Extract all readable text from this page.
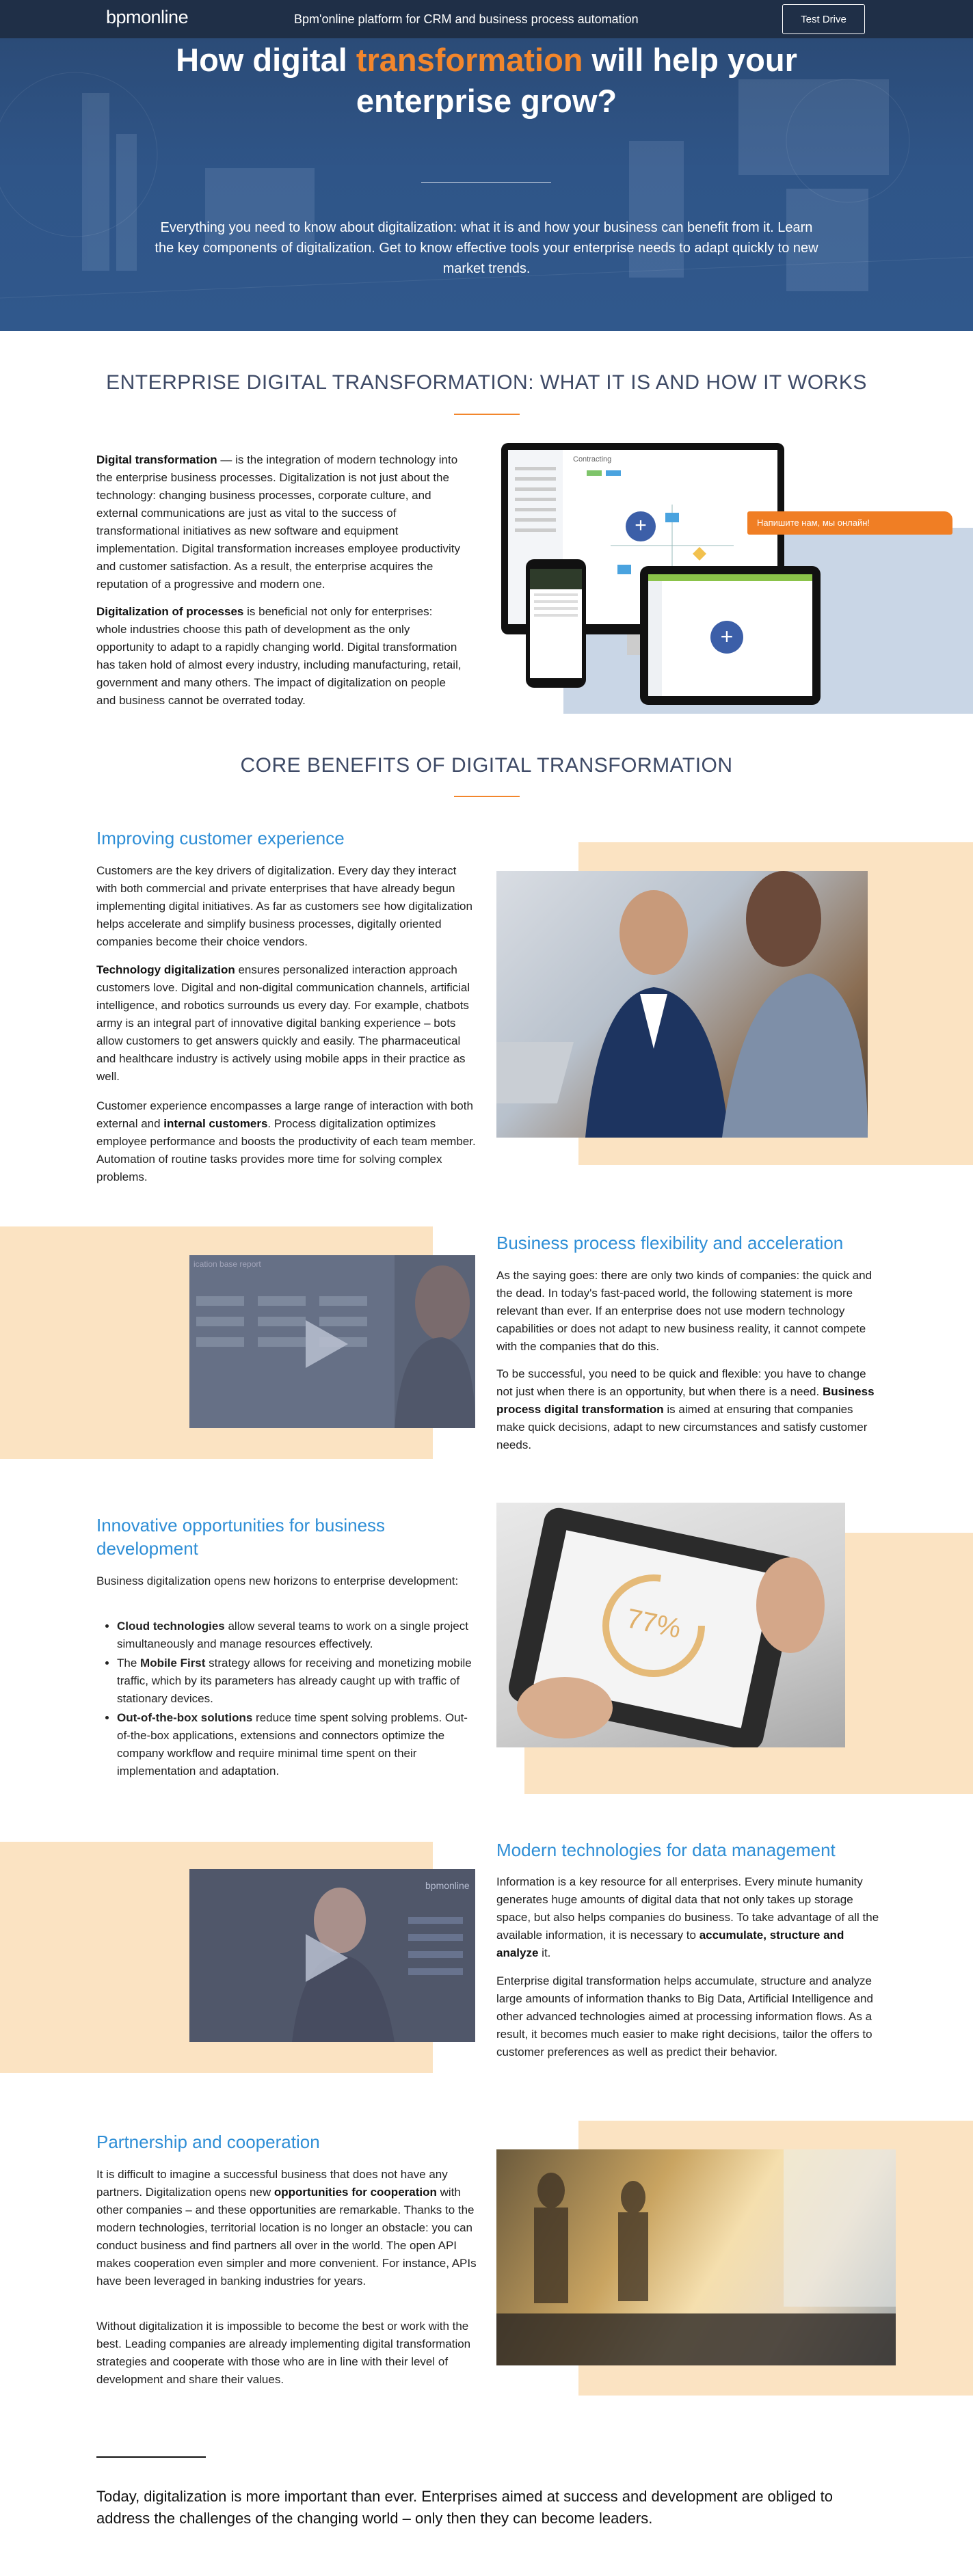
bpmonline	Bpm'online platform for CRM and business process automation	Test Drive
How digital transformation will help your enterprise grow?
Everything you need to know about digitalization: what it is and how your business can benefit from it. Learn the key components of digitalization. Get to know effective tools your enterprise needs to adapt quickly to new market trends.
ENTERPRISE DIGITAL TRANSFORMATION: WHAT IT IS AND HOW IT WORKS

Digital transformation — is the integration of modern technology into the enterprise business processes. Digitalization is not just about the technology: changing business processes, corporate culture, and external communications are just as vital to the success of transformational initiatives as new software and equipment implementation. Digital transformation increases employee productivity and customer satisfaction. As a result, the enterprise acquires the reputation of a progressive and modern one.

Digitalization of processes is beneficial not only for enterprises: whole industries choose this path of development as the only opportunity to adapt to a rapidly changing world. Digital transformation has taken hold of almost every industry, including manufacturing, retail, government and many others. The impact of digitalization on people and business cannot be overrated today.

Contracting
+	Напишите нам, мы онлайн!
+
CORE BENEFITS OF DIGITAL TRANSFORMATION
Improving customer experience

Customers are the key drivers of digitalization. Every day they interact with both commercial and private enterprises that have already begun implementing digital initiatives. As far as customers see how digitalization helps accelerate and simplify business processes, digitally oriented companies become their choice vendors.

Technology digitalization ensures personalized interaction approach customers love. Digital and non-digital communication channels, artificial intelligence, and robotics surrounds us every day. For example, chatbots army is an integral part of innovative digital banking experience – bots allow customers to get answers quickly and easily. The pharmaceutical and healthcare industry is actively using mobile apps in their practice as well.

Customer experience encompasses a large range of interaction with both external and internal customers. Process digitalization optimizes employee performance and boosts the productivity of each team member. Automation of routine tasks provides more time for solving complex problems.

ication base report
Business process flexibility and acceleration

As the saying goes: there are only two kinds of companies: the quick and the dead. In today's fast-paced world, the following statement is more relevant than ever. If an enterprise does not use modern technology capabilities or does not adapt to new business reality, it cannot compete with the companies that do this.

To be successful, you need to be quick and flexible: you have to change not just when there is an opportunity, but when there is a need. Business process digital transformation is aimed at ensuring that companies make quick decisions, adapt to new circumstances and satisfy customer needs.

Innovative opportunities for business development

Business digitalization opens new horizons to enterprise development:

• Cloud technologies allow several teams to work on a single project simultaneously and manage resources effectively.
• The Mobile First strategy allows for receiving and monetizing mobile traffic, which by its parameters has already caught up with traffic of stationary devices.
• Out-of-the-box solutions reduce time spent solving problems. Out-of-the-box applications, extensions and connectors optimize the company workflow and require minimal time spent on their implementation and adaptation.
77%
bpmonline
Modern technologies for data management

Information is a key resource for all enterprises. Every minute humanity generates huge amounts of digital data that not only takes up storage space, but also helps companies do business. To take advantage of all the available information, it is necessary to accumulate, structure and analyze it.

Enterprise digital transformation helps accumulate, structure and analyze large amounts of information thanks to Big Data, Artificial Intelligence and other advanced technologies aimed at processing information flows. As a result, it becomes much easier to make right decisions, tailor the offers to customer preferences as well as predict their behavior.

Partnership and cooperation

It is difficult to imagine a successful business that does not have any partners. Digitalization opens new opportunities for cooperation with other companies – and these opportunities are remarkable. Thanks to the modern technologies, territorial location is no longer an obstacle: you can conduct business and find partners all over in the world. The open API makes cooperation even simpler and more convenient. For instance, APIs have been leveraged in banking industries for years.

Without digitalization it is impossible to become the best or work with the best. Leading companies are already implementing digital transformation strategies and cooperate with those who are in line with their level of development and share their values.

Today, digitalization is more important than ever. Enterprises aimed at success and development are obliged to address the challenges of the changing world – only then they can become leaders.
